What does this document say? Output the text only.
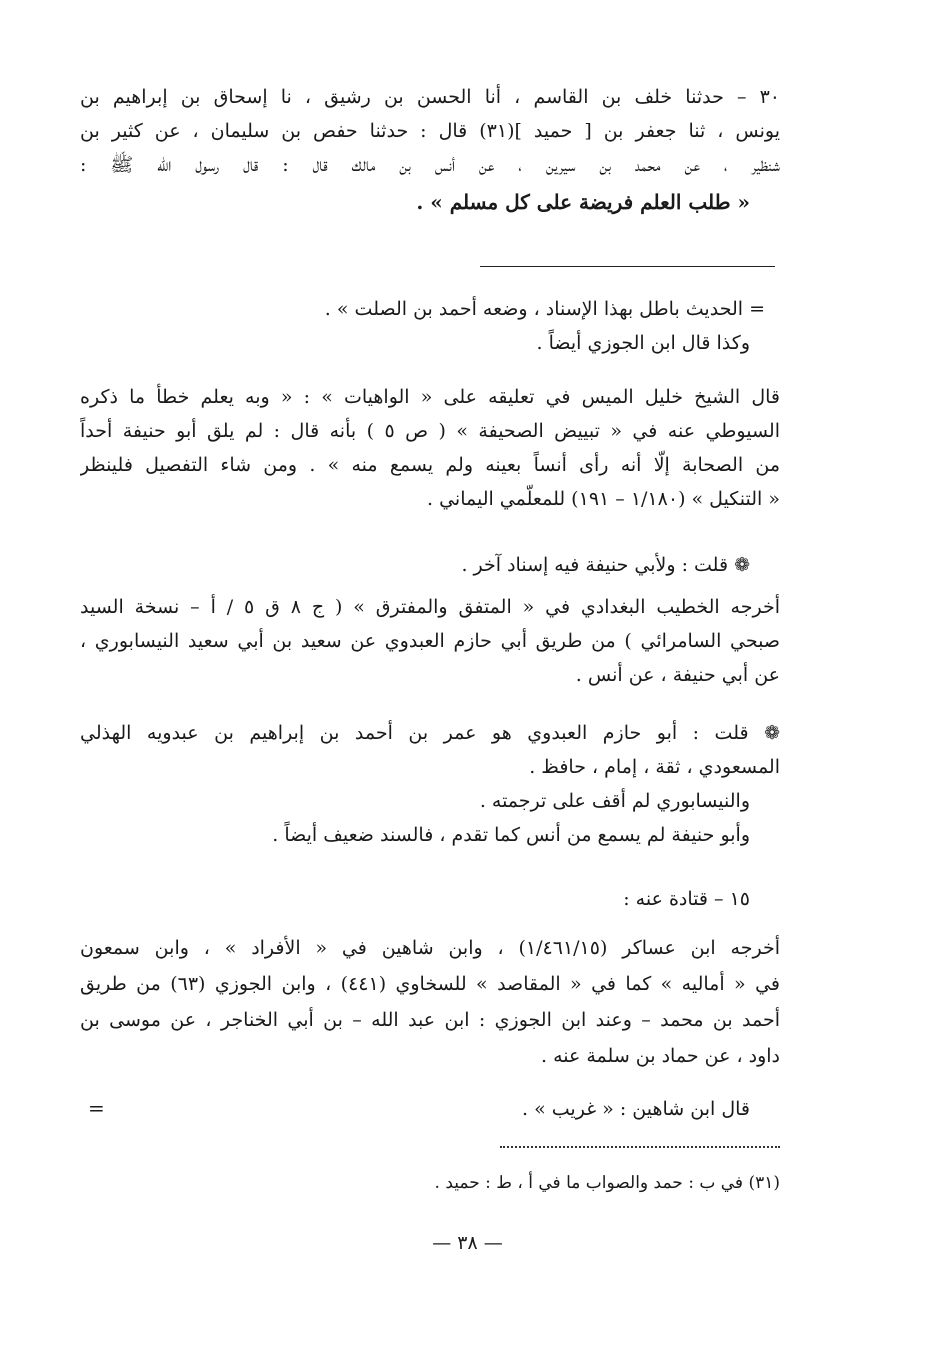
٣٠ – حدثنا خلف بن القاسم ، أنا الحسن بن رشيق ، نا إسحاق بن إبراهيم بن
يونس ، ثنا جعفر بن [ حميد ](٣١) قال : حدثنا حفص بن سليمان ، عن كثير بن
شنظير ، عن محمد بن سيرين ، عن أنس بن مالك قال : قال رسول الله ﷺ :
« طلب العلم فريضة على كل مسلم » .
= الحديث باطل بهذا الإسناد ، وضعه أحمد بن الصلت » .
وكذا قال ابن الجوزي أيضاً .
قال الشيخ خليل الميس في تعليقه على « الواهيات » : « وبه يعلم خطأ ما ذكره
السيوطي عنه في « تبييض الصحيفة » ( ص ٥ ) بأنه قال : لم يلق أبو حنيفة أحداً
من الصحابة إلّا أنه رأى أنساً بعينه ولم يسمع منه » . ومن شاء التفصيل فلينظر
« التنكيل » (١/١٨٠ – ١٩١) للمعلّمي اليماني .
❁ قلت : ولأبي حنيفة فيه إسناد آخر .
أخرجه الخطيب البغدادي في « المتفق والمفترق » ( ج ٨ ق ٥ / أ – نسخة السيد
صبحي السامرائي ) من طريق أبي حازم العبدوي عن سعيد بن أبي سعيد النيسابوري ،
عن أبي حنيفة ، عن أنس .
❁ قلت : أبو حازم العبدوي هو عمر بن أحمد بن إبراهيم بن عبدويه الهذلي
المسعودي ، ثقة ، إمام ، حافظ .
والنيسابوري لم أقف على ترجمته .
وأبو حنيفة لم يسمع من أنس كما تقدم ، فالسند ضعيف أيضاً .
١٥ – قتادة عنه :
أخرجه ابن عساكر (١/٤٦١/١٥) ، وابن شاهين في « الأفراد » ، وابن سمعون
في « أماليه » كما في « المقاصد » للسخاوي (٤٤١) ، وابن الجوزي (٦٣) من طريق
أحمد بن محمد – وعند ابن الجوزي : ابن عبد الله – بن أبي الخناجر ، عن موسى بن
داود ، عن حماد بن سلمة عنه .
قال ابن شاهين : « غريب » .
=
(٣١) في ب : حمد والصواب ما في أ ، ط : حميد .
— ٣٨ —
